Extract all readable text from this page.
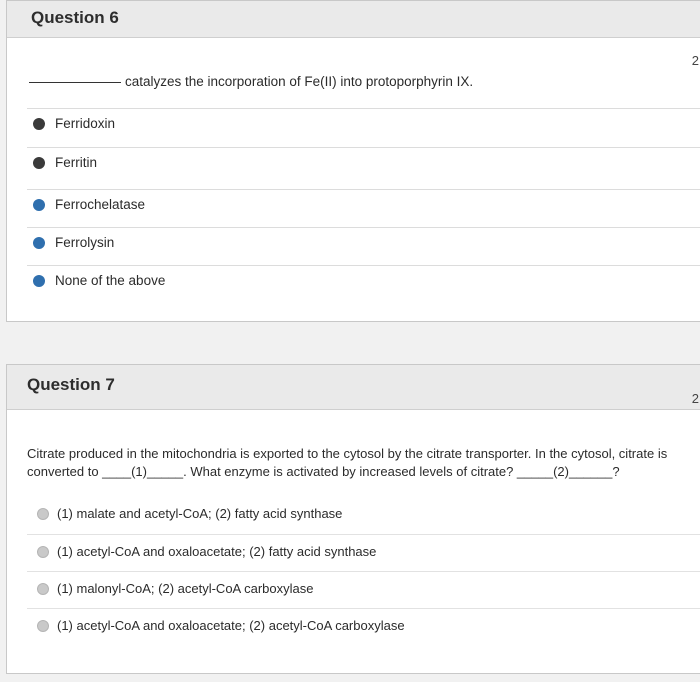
Question 6
2
catalyzes the incorporation of Fe(II) into protoporphyrin IX.
Ferridoxin
Ferritin
Ferrochelatase
Ferrolysin
None of the above
Question 7
2
Citrate produced in the mitochondria is exported to the cytosol by the citrate transporter. In the cytosol, citrate is
converted to ____(1)_____. What enzyme is activated by increased levels of citrate? _____(2)______?
(1) malate and acetyl-CoA; (2) fatty acid synthase
(1) acetyl-CoA and oxaloacetate; (2) fatty acid synthase
(1) malonyl-CoA; (2) acetyl-CoA carboxylase
(1) acetyl-CoA and oxaloacetate; (2) acetyl-CoA carboxylase
